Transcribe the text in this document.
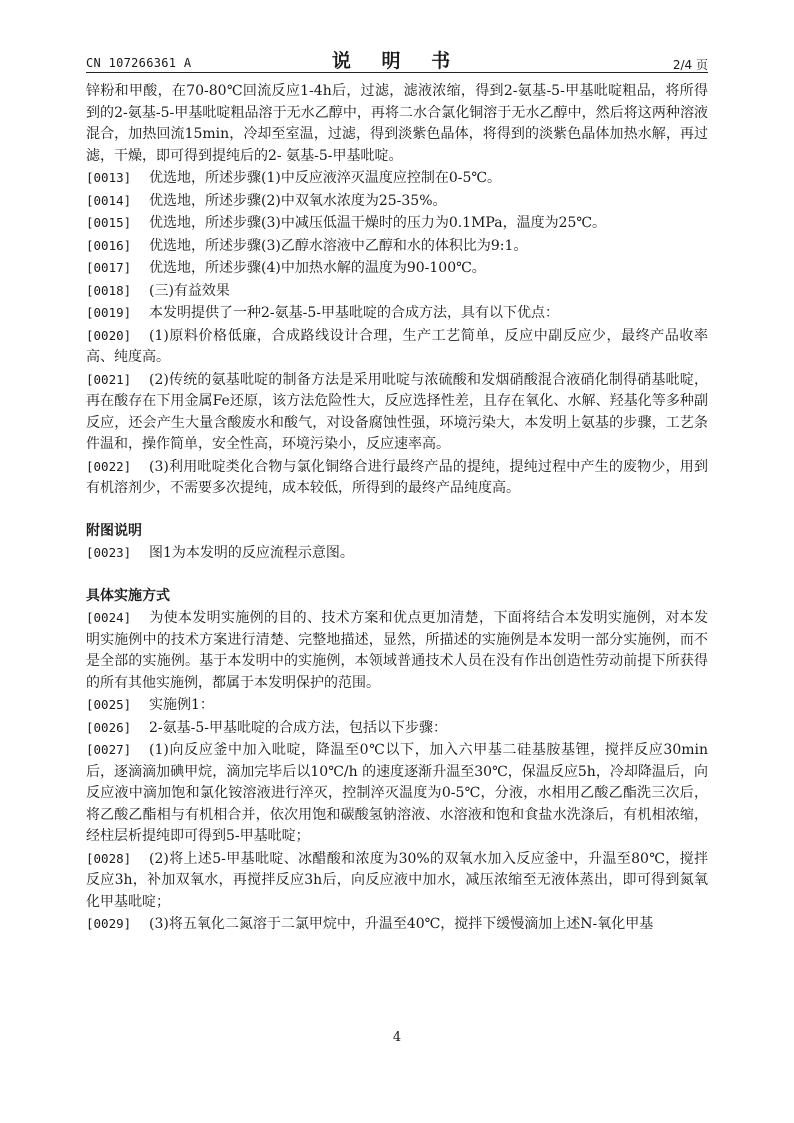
CN 107266361 A	说 明 书	2/4 页

锌粉和甲酸，在70-80℃回流反应1-4h后，过滤，滤液浓缩，得到2-氨基-5-甲基吡啶粗品，将所得到的2-氨基-5-甲基吡啶粗品溶于无水乙醇中，再将二水合氯化铜溶于无水乙醇中，然后将这两种溶液混合，加热回流15min，冷却至室温，过滤，得到淡紫色晶体，将得到的淡紫色晶体加热水解，再过滤，干燥，即可得到提纯后的2- 氨基-5-甲基吡啶。

[0013] 优选地，所述步骤(1)中反应液淬灭温度应控制在0-5℃。

[0014] 优选地，所述步骤(2)中双氧水浓度为25-35%。

[0015] 优选地，所述步骤(3)中减压低温干燥时的压力为0.1MPa，温度为25℃。

[0016] 优选地，所述步骤(3)乙醇水溶液中乙醇和水的体积比为9:1。

[0017] 优选地，所述步骤(4)中加热水解的温度为90-100℃。

[0018] (三)有益效果

[0019] 本发明提供了一种2-氨基-5-甲基吡啶的合成方法，具有以下优点：

[0020] (1)原料价格低廉，合成路线设计合理，生产工艺简单，反应中副反应少，最终产品收率高、纯度高。

[0021] (2)传统的氨基吡啶的制备方法是采用吡啶与浓硫酸和发烟硝酸混合液硝化制得硝基吡啶，再在酸存在下用金属Fe还原，该方法危险性大，反应选择性差，且存在氧化、水解、羟基化等多种副反应，还会产生大量含酸废水和酸气，对设备腐蚀性强，环境污染大，本发明上氨基的步骤，工艺条件温和，操作简单，安全性高，环境污染小，反应速率高。

[0022] (3)利用吡啶类化合物与氯化铜络合进行最终产品的提纯，提纯过程中产生的废物少，用到有机溶剂少，不需要多次提纯，成本较低，所得到的最终产品纯度高。

附图说明

[0023] 图1为本发明的反应流程示意图。

具体实施方式

[0024] 为使本发明实施例的目的、技术方案和优点更加清楚，下面将结合本发明实施例，对本发明实施例中的技术方案进行清楚、完整地描述，显然，所描述的实施例是本发明一部分实施例，而不是全部的实施例。基于本发明中的实施例，本领域普通技术人员在没有作出创造性劳动前提下所获得的所有其他实施例，都属于本发明保护的范围。

[0025] 实施例1：

[0026] 2-氨基-5-甲基吡啶的合成方法，包括以下步骤：

[0027] (1)向反应釜中加入吡啶，降温至0℃以下，加入六甲基二硅基胺基锂，搅拌反应30min后，逐滴滴加碘甲烷，滴加完毕后以10℃/h 的速度逐渐升温至30℃，保温反应5h，冷却降温后，向反应液中滴加饱和氯化铵溶液进行淬灭，控制淬灭温度为0-5℃，分液，水相用乙酸乙酯洗三次后，将乙酸乙酯相与有机相合并，依次用饱和碳酸氢钠溶液、水溶液和饱和食盐水洗涤后，有机相浓缩，经柱层析提纯即可得到5-甲基吡啶；

[0028] (2)将上述5-甲基吡啶、冰醋酸和浓度为30%的双氧水加入反应釜中，升温至80℃，搅拌反应3h，补加双氧水，再搅拌反应3h后，向反应液中加水，减压浓缩至无液体蒸出，即可得到氮氧化甲基吡啶；

[0029] (3)将五氧化二氮溶于二氯甲烷中，升温至40℃，搅拌下缓慢滴加上述N-氧化甲基

4
